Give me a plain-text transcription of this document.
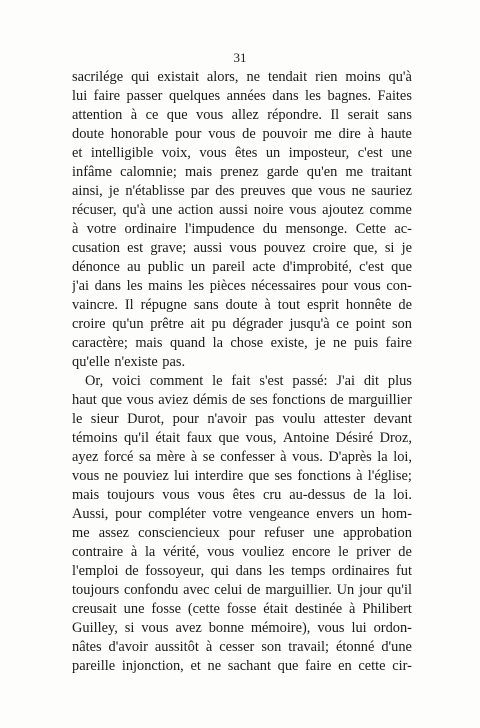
31
sacrilége qui existait alors, ne tendait rien moins qu'à
lui faire passer quelques années dans les bagnes. Faites
attention à ce que vous allez répondre. Il serait sans
doute honorable pour vous de pouvoir me dire à haute
et intelligible voix, vous êtes un imposteur, c'est une
infâme calomnie; mais prenez garde qu'en me traitant
ainsi, je n'établisse par des preuves que vous ne sauriez
récuser, qu'à une action aussi noire vous ajoutez comme
à votre ordinaire l'impudence du mensonge. Cette ac-
cusation est grave; aussi vous pouvez croire que, si je
dénonce au public un pareil acte d'improbité, c'est que
j'ai dans les mains les pièces nécessaires pour vous con-
vaincre. Il répugne sans doute à tout esprit honnête de
croire qu'un prêtre ait pu dégrader jusqu'à ce point son
caractère; mais quand la chose existe, je ne puis faire
qu'elle n'existe pas.
Or, voici comment le fait s'est passé: J'ai dit plus
haut que vous aviez démis de ses fonctions de marguillier
le sieur Durot, pour n'avoir pas voulu attester devant
témoins qu'il était faux que vous, Antoine Désiré Droz,
ayez forcé sa mère à se confesser à vous. D'après la loi,
vous ne pouviez lui interdire que ses fonctions à l'église;
mais toujours vous vous êtes cru au-dessus de la loi.
Aussi, pour compléter votre vengeance envers un hom-
me assez consciencieux pour refuser une approbation
contraire à la vérité, vous vouliez encore le priver de
l'emploi de fossoyeur, qui dans les temps ordinaires fut
toujours confondu avec celui de marguillier. Un jour qu'il
creusait une fosse (cette fosse était destinée à Philibert
Guilley, si vous avez bonne mémoire), vous lui ordon-
nâtes d'avoir aussitôt à cesser son travail; étonné d'une
pareille injonction, et ne sachant que faire en cette cir-
